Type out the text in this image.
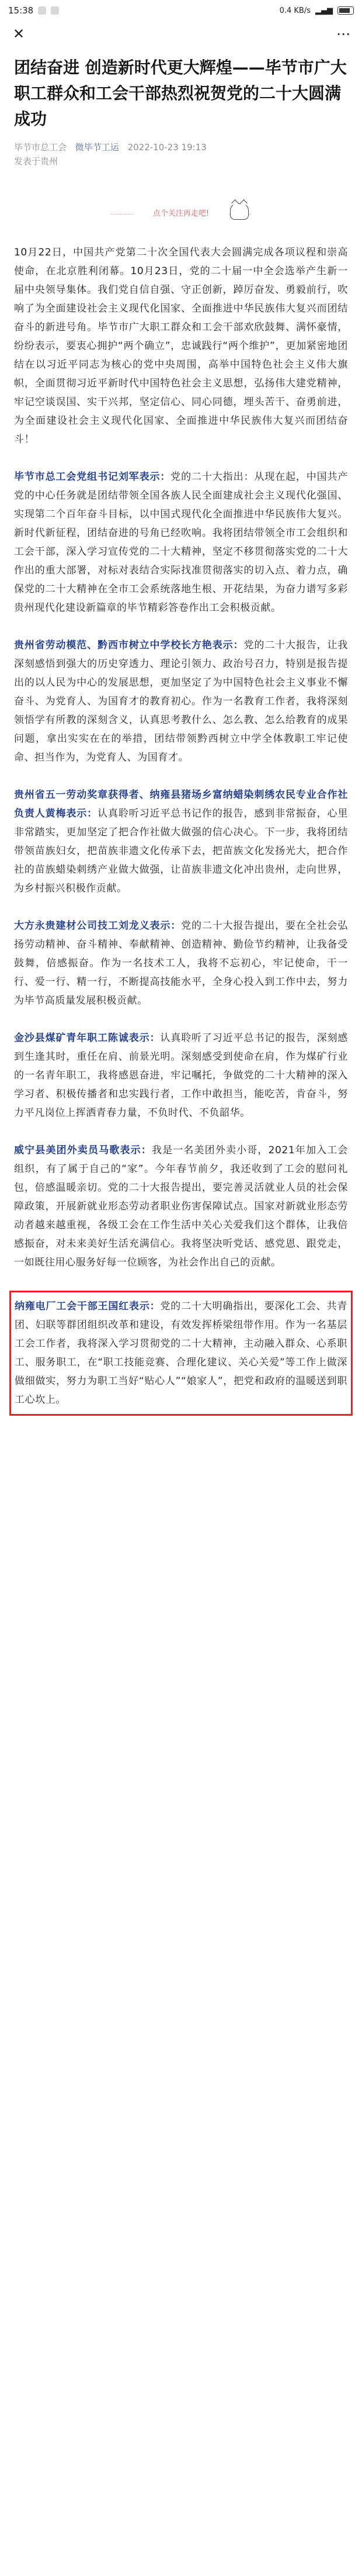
15:38	0.4 KB/s ▂▄▆
✕	⋯
团结奋进 创造新时代更大辉煌——毕节市广大职工群众和工会干部热烈祝贺党的二十大圆满成功
毕节市总工会 微毕节工运 2022-10-23 19:13
发表于贵州
点个关注再走吧!

10月22日，中国共产党第二十次全国代表大会圆满完成各项议程和崇高使命，在北京胜利闭幕。10月23日，党的二十届一中全会选举产生新一届中央领导集体。我们党自信自强、守正创新，踔厉奋发、勇毅前行，吹响了为全面建设社会主义现代化国家、全面推进中华民族伟大复兴而团结奋斗的新进号角。毕节市广大职工群众和工会干部欢欣鼓舞、满怀豪情，纷纷表示，要衷心拥护“两个确立”，忠诚践行“两个维护”，更加紧密地团结在以习近平同志为核心的党中央周围，高举中国特色社会主义伟大旗帜，全面贯彻习近平新时代中国特色社会主义思想，弘扬伟大建党精神，牢记空谈误国、实干兴邦，坚定信心、同心同德，埋头苦干、奋勇前进，为全面建设社会主义现代化国家、全面推进中华民族伟大复兴而团结奋斗！

毕节市总工会党组书记刘军表示：党的二十大指出：从现在起，中国共产党的中心任务就是团结带领全国各族人民全面建成社会主义现代化强国、实现第二个百年奋斗目标，以中国式现代化全面推进中华民族伟大复兴。新时代新征程，团结奋进的号角已经吹响。我将团结带领全市工会组织和工会干部，深入学习宣传党的二十大精神，坚定不移贯彻落实党的二十大作出的重大部署，对标对表结合实际找准贯彻落实的切入点、着力点，确保党的二十大精神在全市工会系统落地生根、开花结果，为奋力谱写多彩贵州现代化建设新篇章的毕节精彩答卷作出工会积极贡献。

贵州省劳动模范、黔西市树立中学校长方艳表示：党的二十大报告，让我深刻感悟到强大的历史穿透力、理论引领力、政治号召力，特别是报告提出的以人民为中心的发展思想，更加坚定了为中国特色社会主义事业不懈奋斗、为党育人、为国育才的教育初心。作为一名教育工作者，我将深刻领悟学有所教的深刻含义，认真思考教什么、怎么教、怎么给教育的成果问题，拿出实实在在的举措，团结带领黔西树立中学全体教职工牢记使命、担当作为，为党育人、为国育才。

贵州省五一劳动奖章获得者、纳雍县猪场乡富纳蜡染刺绣农民专业合作社负责人黄梅表示：认真聆听习近平总书记作的报告，感到非常振奋，心里非常踏实，更加坚定了把合作社做大做强的信心决心。下一步，我将团结带领苗族妇女，把苗族非遗文化传承下去，把苗族文化发扬光大，把合作社的苗族蜡染刺绣产业做大做强，让苗族非遗文化冲出贵州，走向世界，为乡村振兴积极作贡献。

大方永贵建材公司技工刘龙义表示：党的二十大报告提出，要在全社会弘扬劳动精神、奋斗精神、奉献精神、创造精神、勤俭节约精神，让我备受鼓舞，倍感振奋。作为一名技术工人，我将不忘初心，牢记使命，干一行、爱一行、精一行，不断提高技能水平，全身心投入到工作中去，努力为毕节高质量发展积极贡献。

金沙县煤矿青年职工陈诚表示：认真聆听了习近平总书记的报告，深刻感到生逢其时，重任在肩、前景光明。深刻感受到使命在肩，作为煤矿行业的一名青年职工，我将感恩奋进，牢记嘱托，争做党的二十大精神的深入学习者、积极传播者和忠实践行者，工作中敢担当，能吃苦，肯奋斗，努力平凡岗位上挥洒青春力量，不负时代、不负韶华。

威宁县美团外卖员马歌表示：我是一名美团外卖小哥，2021年加入工会组织，有了属于自己的“家”。今年春节前夕，我还收到了工会的慰问礼包，倍感温暖亲切。党的二十大报告提出，要完善灵活就业人员的社会保障政策，开展新就业形态劳动者职业伤害保障试点。国家对新就业形态劳动者越来越重视，各级工会在工作生活中关心关爱我们这个群体，让我倍感振奋，对未来美好生活充满信心。我将坚决听党话、感党恩、跟党走，一如既往用心服务好每一位顾客，为社会作出自己的贡献。

纳雍电厂工会干部王国红表示：党的二十大明确指出，要深化工会、共青团、妇联等群团组织改革和建设，有效发挥桥梁纽带作用。作为一名基层工会工作者，我将深入学习贯彻党的二十大精神，主动融入群众、心系职工、服务职工，在“职工技能竞赛、合理化建议、关心关爱”等工作上做深做细做实，努力为职工当好“贴心人”“娘家人”，把党和政府的温暖送到职工心坎上。
